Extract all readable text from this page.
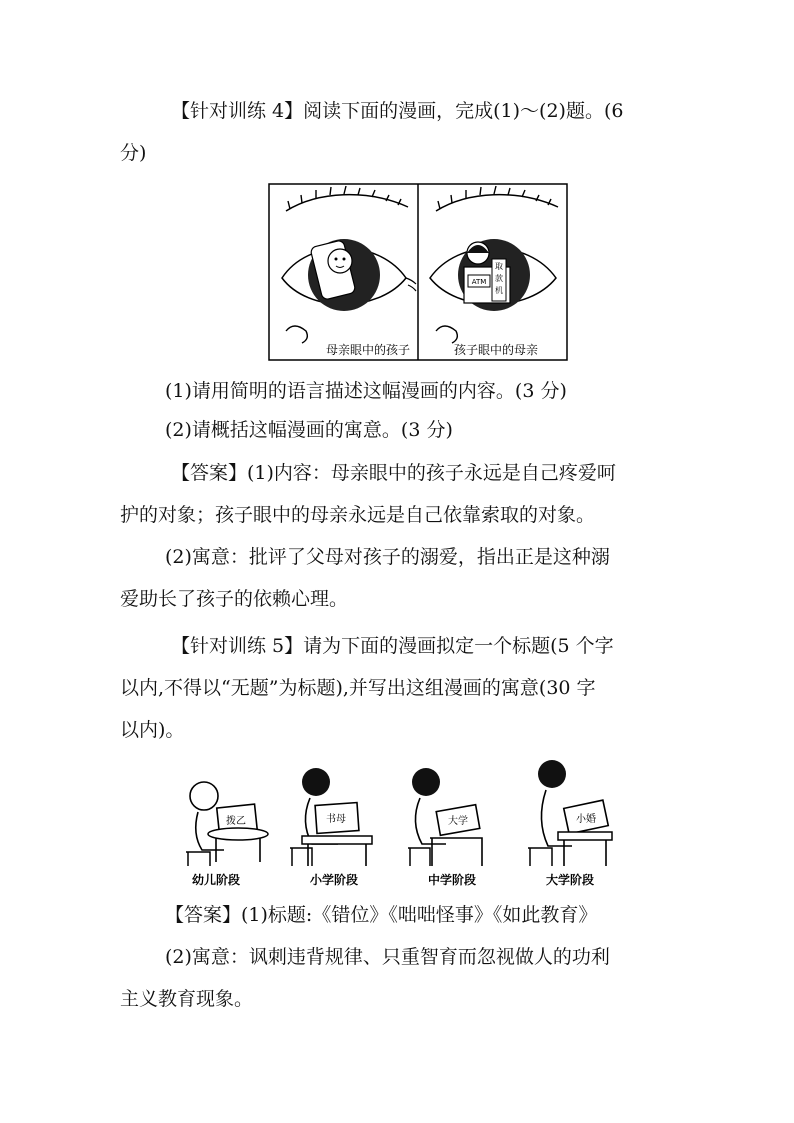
【针对训练 4】阅读下面的漫画，完成(1)～(2)题。(6
分)
母亲眼中的孩子
ATM
取
款
机
孩子眼中的母亲
(1)请用简明的语言描述这幅漫画的内容。(3 分)
(2)请概括这幅漫画的寓意。(3 分)
【答案】(1)内容：母亲眼中的孩子永远是自己疼爱呵
护的对象；孩子眼中的母亲永远是自己依靠索取的对象。
(2)寓意：批评了父母对孩子的溺爱，指出正是这种溺
爱助长了孩子的依赖心理。
【针对训练 5】请为下面的漫画拟定一个标题(5 个字
以内,不得以“无题”为标题),并写出这组漫画的寓意(30 字
以内)。
拨乙	书母	大学	小婚
幼儿阶段	小学阶段	中学阶段	大学阶段
【答案】(1)标题:《错位》《咄咄怪事》《如此教育》
(2)寓意：讽刺违背规律、只重智育而忽视做人的功利
主义教育现象。
